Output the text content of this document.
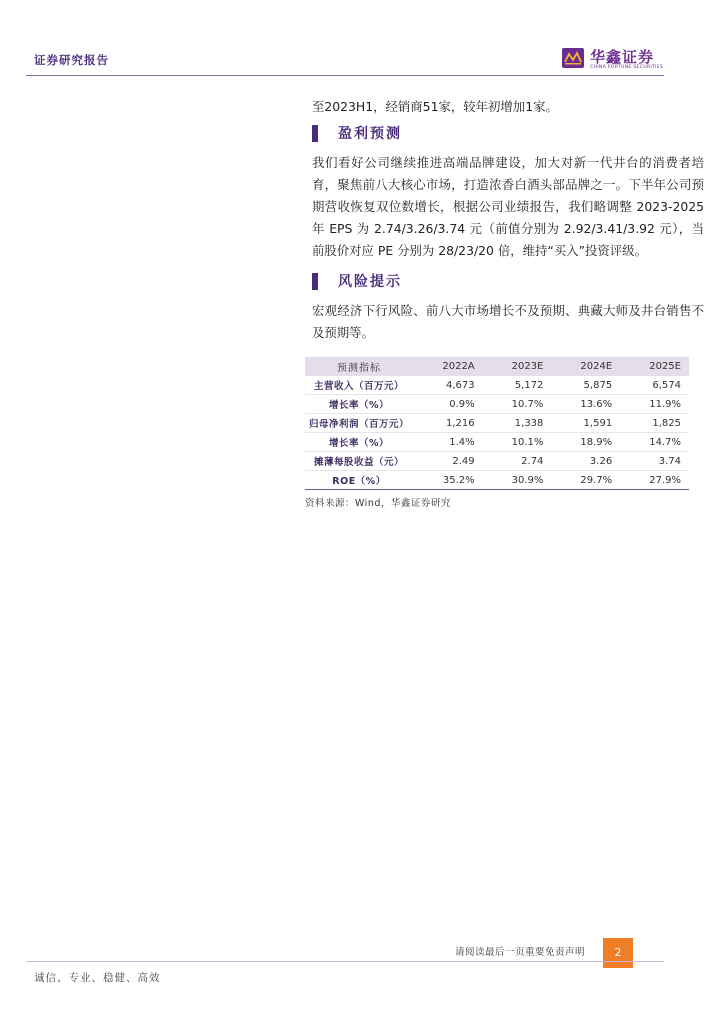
证券研究报告	华鑫证券
CHINA FORTUNE SECURITIES

至2023H1，经销商51家，较年初增加1家。

盈利预测

我们看好公司继续推进高端品牌建设，加大对新一代井台的消费者培育，聚焦前八大核心市场，打造浓香白酒头部品牌之一。下半年公司预期营收恢复双位数增长，根据公司业绩报告，我们略调整 2023-2025 年 EPS 为 2.74/3.26/3.74 元（前值分别为 2.92/3.41/3.92 元），当前股价对应 PE 分别为 28/23/20 倍，维持“买入”投资评级。

风险提示

宏观经济下行风险、前八大市场增长不及预期、典藏大师及井台销售不及预期等。

预测指标	2022A	2023E	2024E	2025E
主营收入（百万元）	4,673	5,172	5,875	6,574
增长率（%）	0.9%	10.7%	13.6%	11.9%
归母净利润（百万元）	1,216	1,338	1,591	1,825
增长率（%）	1.4%	10.1%	18.9%	14.7%
摊薄每股收益（元）	2.49	2.74	3.26	3.74
ROE（%）	35.2%	30.9%	29.7%	27.9%
资料来源：Wind，华鑫证券研究
请阅读最后一页重要免责声明	2
诚信、专业、稳健、高效
